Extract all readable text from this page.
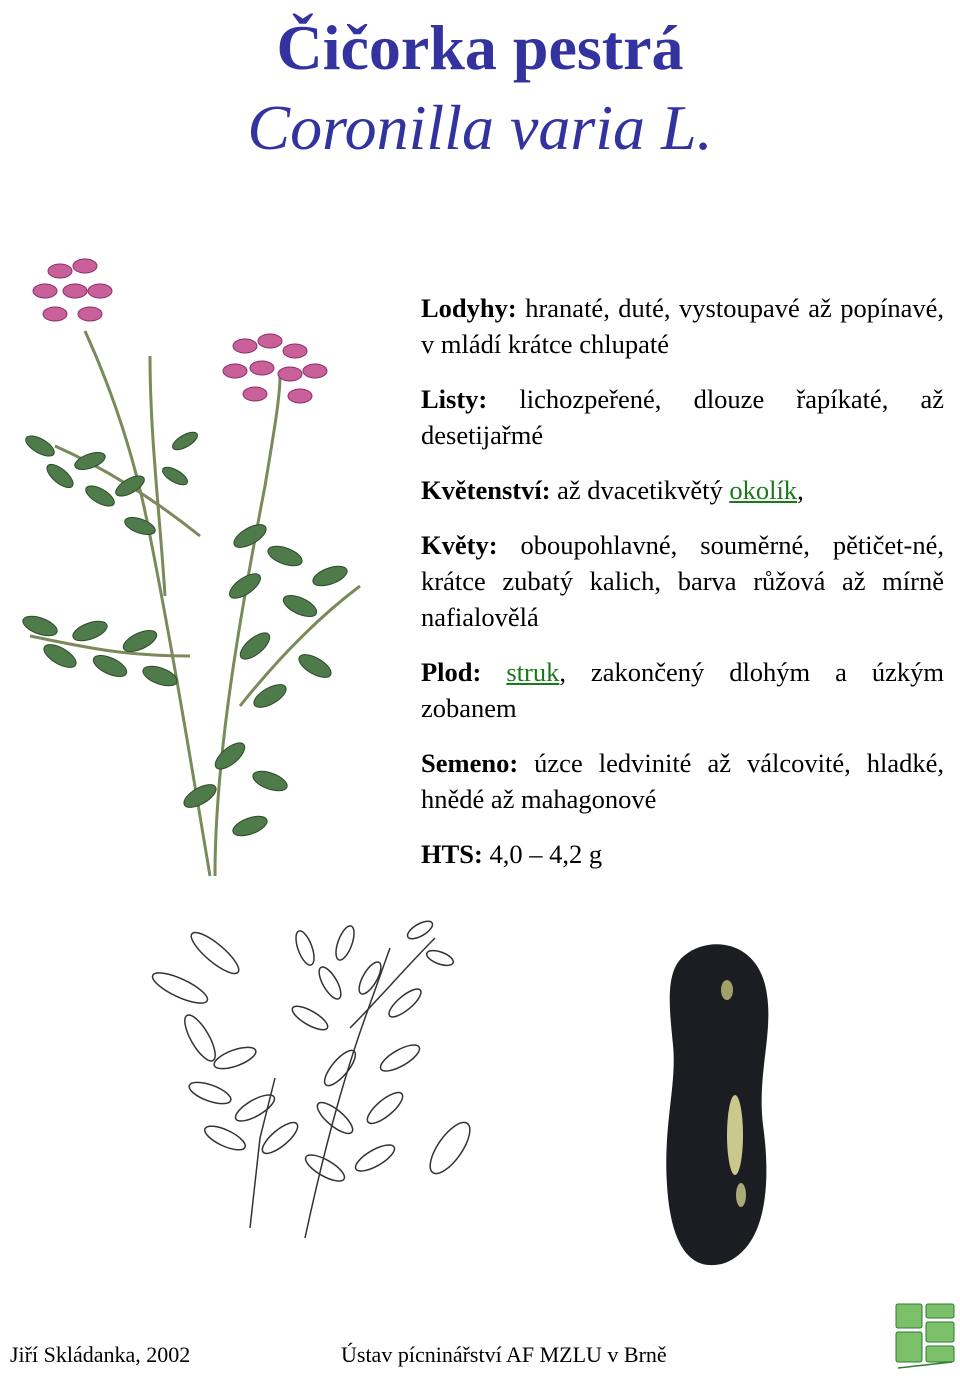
Čičorka pestrá
Coronilla varia L.

Lodyhy: hranaté, duté, vystoupavé až popínavé, v mládí krátce chlupaté

Listy: lichozpeřené, dlouze řapíkaté, až desetijařmé

Květenství: až dvacetikvětý okolík,

Květy: oboupohlavné, souměrné, pětičet-né, krátce zubatý kalich, barva růžová až mírně nafialovělá

Plod: struk, zakončený dlohým a úzkým zobanem

Semeno: úzce ledvinité až válcovité, hladké, hnědé až mahagonové

HTS: 4,0 – 4,2 g

Jiří Skládanka, 2002	Ústav pícninářství AF MZLU v Brně
